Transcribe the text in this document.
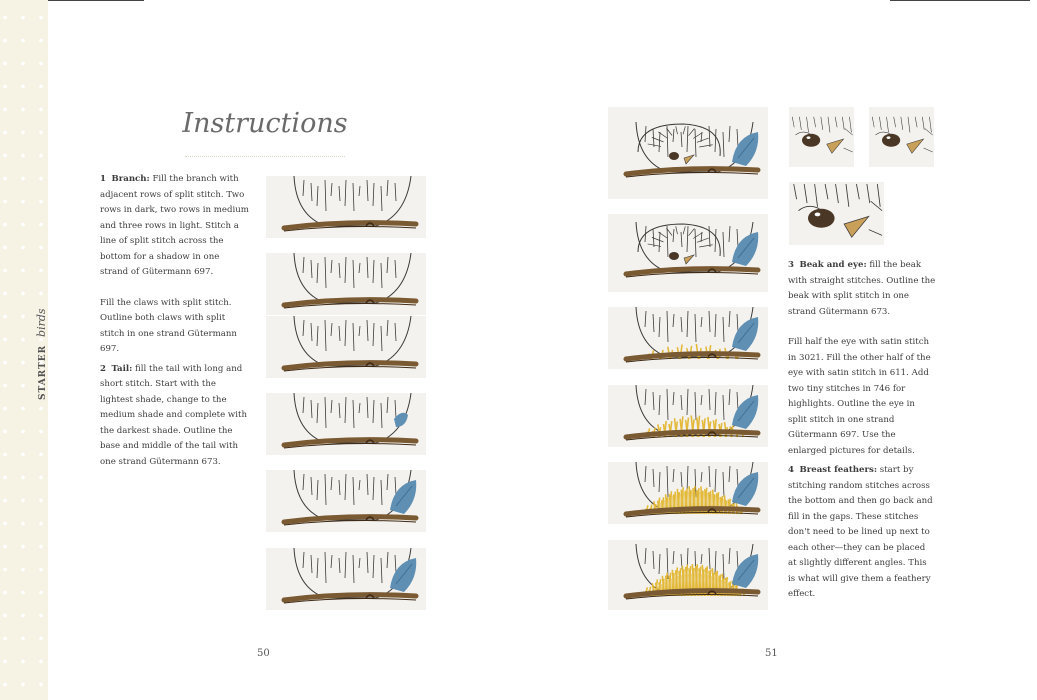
STARTERbirds
Instructions

1 Branch: Fill the branch with adjacent rows of split stitch. Two rows in dark, two rows in medium and three rows in light. Stitch a line of split stitch across the bottom for a shadow in one strand of Gütermann 697.

Fill the claws with split stitch. Outline both claws with split stitch in one strand Gütermann 697.

2 Tail: fill the tail with long and short stitch. Start with the lightest shade, change to the medium shade and complete with the darkest shade. Outline the base and middle of the tail with one strand Gütermann 673.

3 Beak and eye: fill the beak with straight stitches. Outline the beak with split stitch in one strand Gütermann 673.

Fill half the eye with satin stitch in 3021. Fill the other half of the eye with satin stitch in 611. Add two tiny stitches in 746 for highlights. Outline the eye in split stitch in one strand Gütermann 697. Use the enlarged pictures for details.

4 Breast feathers: start by stitching random stitches across the bottom and then go back and fill in the gaps. These stitches don't need to be lined up next to each other—they can be placed at slightly different angles. This is what will give them a feathery effect.

50	51
